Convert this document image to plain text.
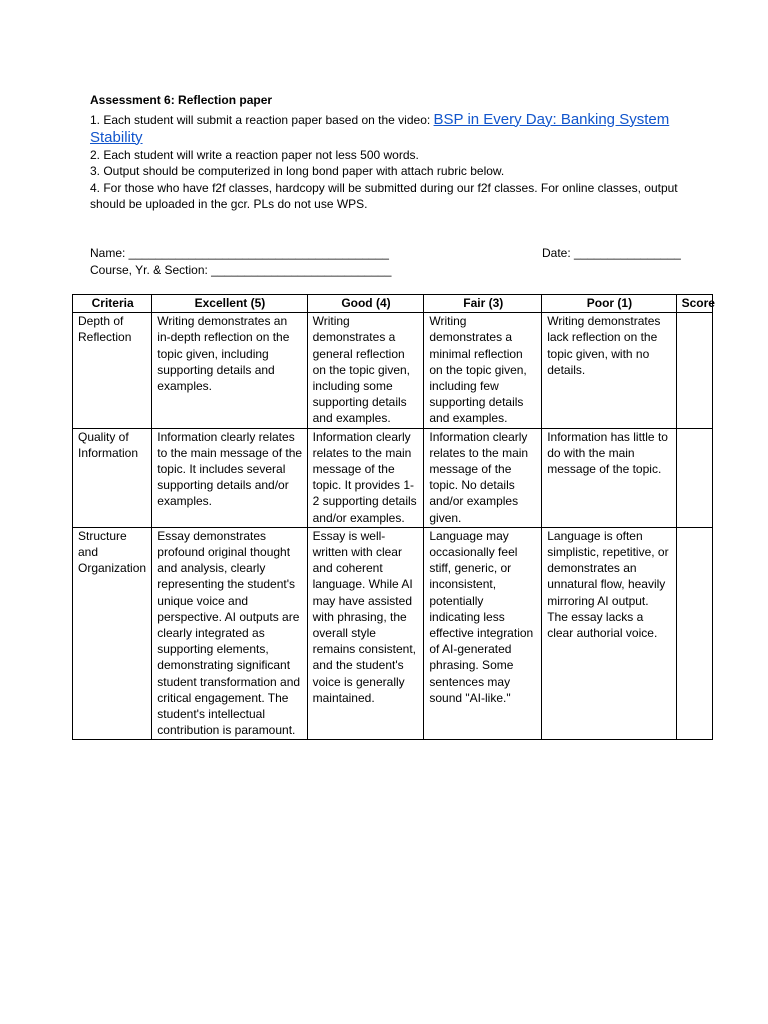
Assessment 6: Reflection paper
1. Each student will submit a reaction paper based on the video: BSP in Every Day: Banking System Stability
2. Each student will write a reaction paper not less 500 words.
3. Output should be computerized in long bond paper with attach rubric below.
4. For those who have f2f classes, hardcopy will be submitted during our f2f classes. For online classes, output should be uploaded in the gcr. PLs do not use WPS.
Name: _______________________________________	Date: ________________
Course, Yr. & Section: ___________________________
Criteria	Excellent (5)	Good (4)	Fair (3)	Poor (1)	Score
Depth of Reflection	Writing demonstrates an in-depth reflection on the topic given, including supporting details and examples.	Writing demonstrates a general reflection on the topic given, including some supporting details and examples.	Writing demonstrates a minimal reflection on the topic given, including few supporting details and examples.	Writing demonstrates lack reflection on the topic given, with no details.	
Quality of Information	Information clearly relates to the main message of the topic. It includes several supporting details and/or examples.	Information clearly relates to the main message of the topic. It provides 1-2 supporting details and/or examples.	Information clearly relates to the main message of the topic. No details and/or examples given.	Information has little to do with the main message of the topic.	
Structure and Organization	Essay demonstrates profound original thought and analysis, clearly representing the student's unique voice and perspective. AI outputs are clearly integrated as supporting elements, demonstrating significant student transformation and critical engagement. The student's intellectual contribution is paramount.	Essay is well-written with clear and coherent language. While AI may have assisted with phrasing, the overall style remains consistent, and the student's voice is generally maintained.	Language may occasionally feel stiff, generic, or inconsistent, potentially indicating less effective integration of AI-generated phrasing. Some sentences may sound "AI-like."	Language is often simplistic, repetitive, or demonstrates an unnatural flow, heavily mirroring AI output. The essay lacks a clear authorial voice.	
